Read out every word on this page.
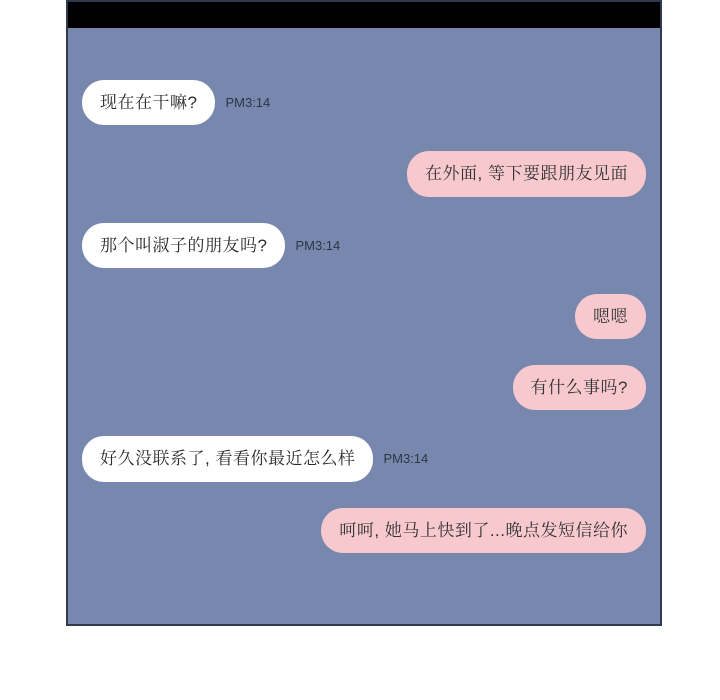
现在在干嘛?	PM3:14
在外面, 等下要跟朋友见面
那个叫淑子的朋友吗?	PM3:14
嗯嗯
有什么事吗?
好久没联系了, 看看你最近怎么样	PM3:14
呵呵, 她马上快到了...晚点发短信给你
